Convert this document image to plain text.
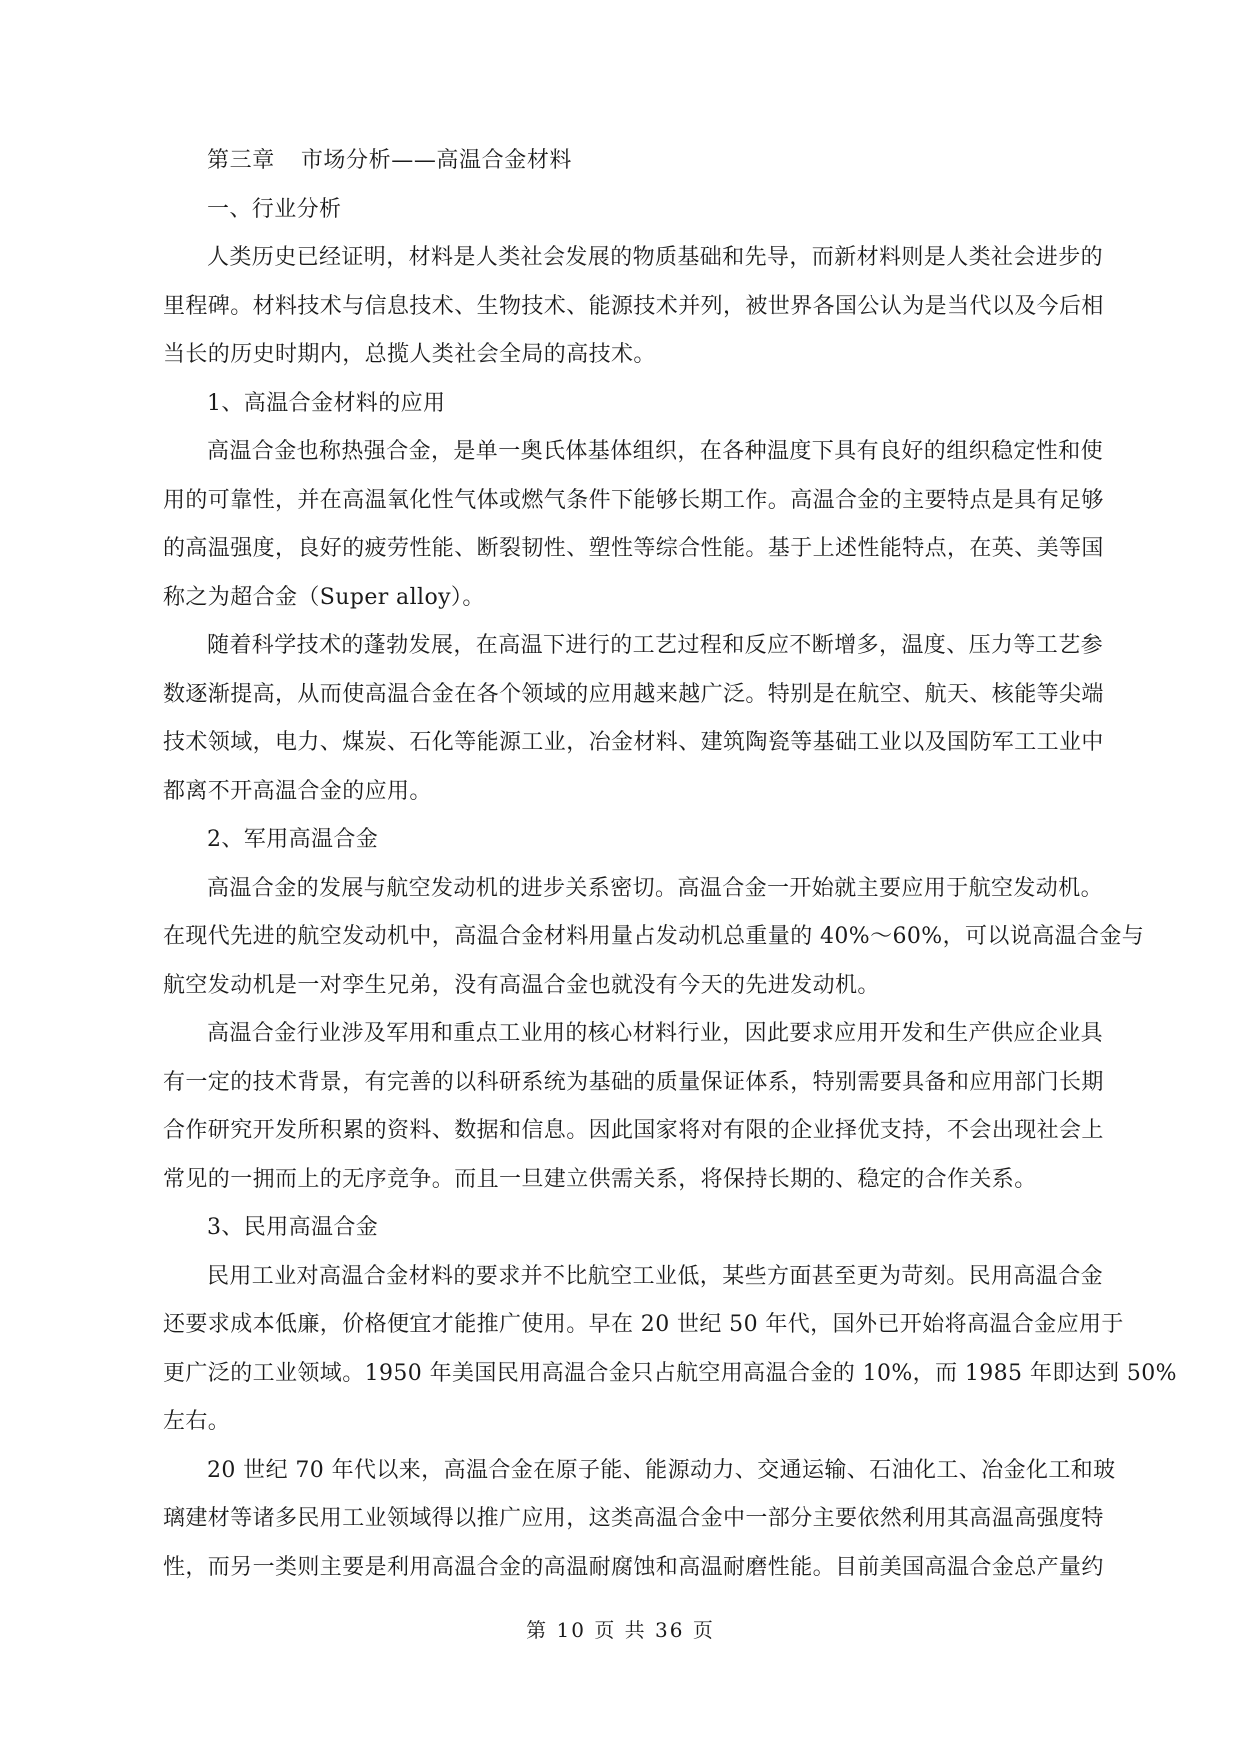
第三章 市场分析——高温合金材料
一、行业分析
人类历史已经证明，材料是人类社会发展的物质基础和先导，而新材料则是人类社会进步的
里程碑。材料技术与信息技术、生物技术、能源技术并列，被世界各国公认为是当代以及今后相
当长的历史时期内，总揽人类社会全局的高技术。
1、高温合金材料的应用
高温合金也称热强合金，是单一奥氏体基体组织，在各种温度下具有良好的组织稳定性和使
用的可靠性，并在高温氧化性气体或燃气条件下能够长期工作。高温合金的主要特点是具有足够
的高温强度，良好的疲劳性能、断裂韧性、塑性等综合性能。基于上述性能特点，在英、美等国
称之为超合金（Super alloy）。
随着科学技术的蓬勃发展，在高温下进行的工艺过程和反应不断增多，温度、压力等工艺参
数逐渐提高，从而使高温合金在各个领域的应用越来越广泛。特别是在航空、航天、核能等尖端
技术领域，电力、煤炭、石化等能源工业，冶金材料、建筑陶瓷等基础工业以及国防军工工业中
都离不开高温合金的应用。
2、军用高温合金
高温合金的发展与航空发动机的进步关系密切。高温合金一开始就主要应用于航空发动机。
在现代先进的航空发动机中，高温合金材料用量占发动机总重量的 40%～60%，可以说高温合金与
航空发动机是一对孪生兄弟，没有高温合金也就没有今天的先进发动机。
高温合金行业涉及军用和重点工业用的核心材料行业，因此要求应用开发和生产供应企业具
有一定的技术背景，有完善的以科研系统为基础的质量保证体系，特别需要具备和应用部门长期
合作研究开发所积累的资料、数据和信息。因此国家将对有限的企业择优支持，不会出现社会上
常见的一拥而上的无序竞争。而且一旦建立供需关系，将保持长期的、稳定的合作关系。
3、民用高温合金
民用工业对高温合金材料的要求并不比航空工业低，某些方面甚至更为苛刻。民用高温合金
还要求成本低廉，价格便宜才能推广使用。早在 20 世纪 50 年代，国外已开始将高温合金应用于
更广泛的工业领域。1950 年美国民用高温合金只占航空用高温合金的 10%，而 1985 年即达到 50%
左右。
20 世纪 70 年代以来，高温合金在原子能、能源动力、交通运输、石油化工、冶金化工和玻
璃建材等诸多民用工业领域得以推广应用，这类高温合金中一部分主要依然利用其高温高强度特
性，而另一类则主要是利用高温合金的高温耐腐蚀和高温耐磨性能。目前美国高温合金总产量约
第 10 页 共 36 页
